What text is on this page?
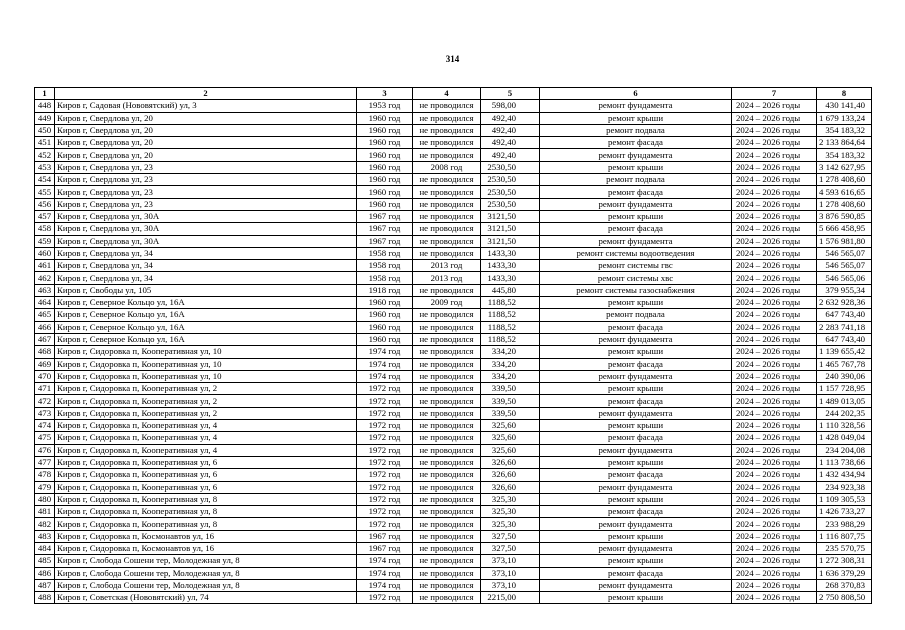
314
1	2	3	4	5	6	7	8
448	Киров г, Садовая (Нововятский) ул, 3	1953 год	не проводился	598,00	ремонт фундамента	2024 – 2026 годы	430 141,40
449	Киров г, Свердлова ул, 20	1960 год	не проводился	492,40	ремонт крыши	2024 – 2026 годы	1 679 133,24
450	Киров г, Свердлова ул, 20	1960 год	не проводился	492,40	ремонт подвала	2024 – 2026 годы	354 183,32
451	Киров г, Свердлова ул, 20	1960 год	не проводился	492,40	ремонт фасада	2024 – 2026 годы	2 133 864,64
452	Киров г, Свердлова ул, 20	1960 год	не проводился	492,40	ремонт фундамента	2024 – 2026 годы	354 183,32
453	Киров г, Свердлова ул, 23	1960 год	2008 год	2530,50	ремонт крыши	2024 – 2026 годы	3 142 627,95
454	Киров г, Свердлова ул, 23	1960 год	не проводился	2530,50	ремонт подвала	2024 – 2026 годы	1 278 408,60
455	Киров г, Свердлова ул, 23	1960 год	не проводился	2530,50	ремонт фасада	2024 – 2026 годы	4 593 616,65
456	Киров г, Свердлова ул, 23	1960 год	не проводился	2530,50	ремонт фундамента	2024 – 2026 годы	1 278 408,60
457	Киров г, Свердлова ул, 30А	1967 год	не проводился	3121,50	ремонт крыши	2024 – 2026 годы	3 876 590,85
458	Киров г, Свердлова ул, 30А	1967 год	не проводился	3121,50	ремонт фасада	2024 – 2026 годы	5 666 458,95
459	Киров г, Свердлова ул, 30А	1967 год	не проводился	3121,50	ремонт фундамента	2024 – 2026 годы	1 576 981,80
460	Киров г, Свердлова ул, 34	1958 год	не проводился	1433,30	ремонт системы водоотведения	2024 – 2026 годы	546 565,07
461	Киров г, Свердлова ул, 34	1958 год	2013 год	1433,30	ремонт системы гвс	2024 – 2026 годы	546 565,07
462	Киров г, Свердлова ул, 34	1958 год	2013 год	1433,30	ремонт системы хвс	2024 – 2026 годы	546 565,06
463	Киров г, Свободы ул, 105	1918 год	не проводился	445,80	ремонт системы газоснабжения	2024 – 2026 годы	379 955,34
464	Киров г, Северное Кольцо ул, 16А	1960 год	2009 год	1188,52	ремонт крыши	2024 – 2026 годы	2 632 928,36
465	Киров г, Северное Кольцо ул, 16А	1960 год	не проводился	1188,52	ремонт подвала	2024 – 2026 годы	647 743,40
466	Киров г, Северное Кольцо ул, 16А	1960 год	не проводился	1188,52	ремонт фасада	2024 – 2026 годы	2 283 741,18
467	Киров г, Северное Кольцо ул, 16А	1960 год	не проводился	1188,52	ремонт фундамента	2024 – 2026 годы	647 743,40
468	Киров г, Сидоровка п, Кооперативная ул, 10	1974 год	не проводился	334,20	ремонт крыши	2024 – 2026 годы	1 139 655,42
469	Киров г, Сидоровка п, Кооперативная ул, 10	1974 год	не проводился	334,20	ремонт фасада	2024 – 2026 годы	1 465 767,78
470	Киров г, Сидоровка п, Кооперативная ул, 10	1974 год	не проводился	334,20	ремонт фундамента	2024 – 2026 годы	240 390,06
471	Киров г, Сидоровка п, Кооперативная ул, 2	1972 год	не проводился	339,50	ремонт крыши	2024 – 2026 годы	1 157 728,95
472	Киров г, Сидоровка п, Кооперативная ул, 2	1972 год	не проводился	339,50	ремонт фасада	2024 – 2026 годы	1 489 013,05
473	Киров г, Сидоровка п, Кооперативная ул, 2	1972 год	не проводился	339,50	ремонт фундамента	2024 – 2026 годы	244 202,35
474	Киров г, Сидоровка п, Кооперативная ул, 4	1972 год	не проводился	325,60	ремонт крыши	2024 – 2026 годы	1 110 328,56
475	Киров г, Сидоровка п, Кооперативная ул, 4	1972 год	не проводился	325,60	ремонт фасада	2024 – 2026 годы	1 428 049,04
476	Киров г, Сидоровка п, Кооперативная ул, 4	1972 год	не проводился	325,60	ремонт фундамента	2024 – 2026 годы	234 204,08
477	Киров г, Сидоровка п, Кооперативная ул, 6	1972 год	не проводился	326,60	ремонт крыши	2024 – 2026 годы	1 113 738,66
478	Киров г, Сидоровка п, Кооперативная ул, 6	1972 год	не проводился	326,60	ремонт фасада	2024 – 2026 годы	1 432 434,94
479	Киров г, Сидоровка п, Кооперативная ул, 6	1972 год	не проводился	326,60	ремонт фундамента	2024 – 2026 годы	234 923,38
480	Киров г, Сидоровка п, Кооперативная ул, 8	1972 год	не проводился	325,30	ремонт крыши	2024 – 2026 годы	1 109 305,53
481	Киров г, Сидоровка п, Кооперативная ул, 8	1972 год	не проводился	325,30	ремонт фасада	2024 – 2026 годы	1 426 733,27
482	Киров г, Сидоровка п, Кооперативная ул, 8	1972 год	не проводился	325,30	ремонт фундамента	2024 – 2026 годы	233 988,29
483	Киров г, Сидоровка п, Космонавтов ул, 16	1967 год	не проводился	327,50	ремонт крыши	2024 – 2026 годы	1 116 807,75
484	Киров г, Сидоровка п, Космонавтов ул, 16	1967 год	не проводился	327,50	ремонт фундамента	2024 – 2026 годы	235 570,75
485	Киров г, Слобода Сошени тер, Молодежная ул, 8	1974 год	не проводился	373,10	ремонт крыши	2024 – 2026 годы	1 272 308,31
486	Киров г, Слобода Сошени тер, Молодежная ул, 8	1974 год	не проводился	373,10	ремонт фасада	2024 – 2026 годы	1 636 379,29
487	Киров г, Слобода Сошени тер, Молодежная ул, 8	1974 год	не проводился	373,10	ремонт фундамента	2024 – 2026 годы	268 370,83
488	Киров г, Советская (Нововятский) ул, 74	1972 год	не проводился	2215,00	ремонт крыши	2024 – 2026 годы	2 750 808,50
